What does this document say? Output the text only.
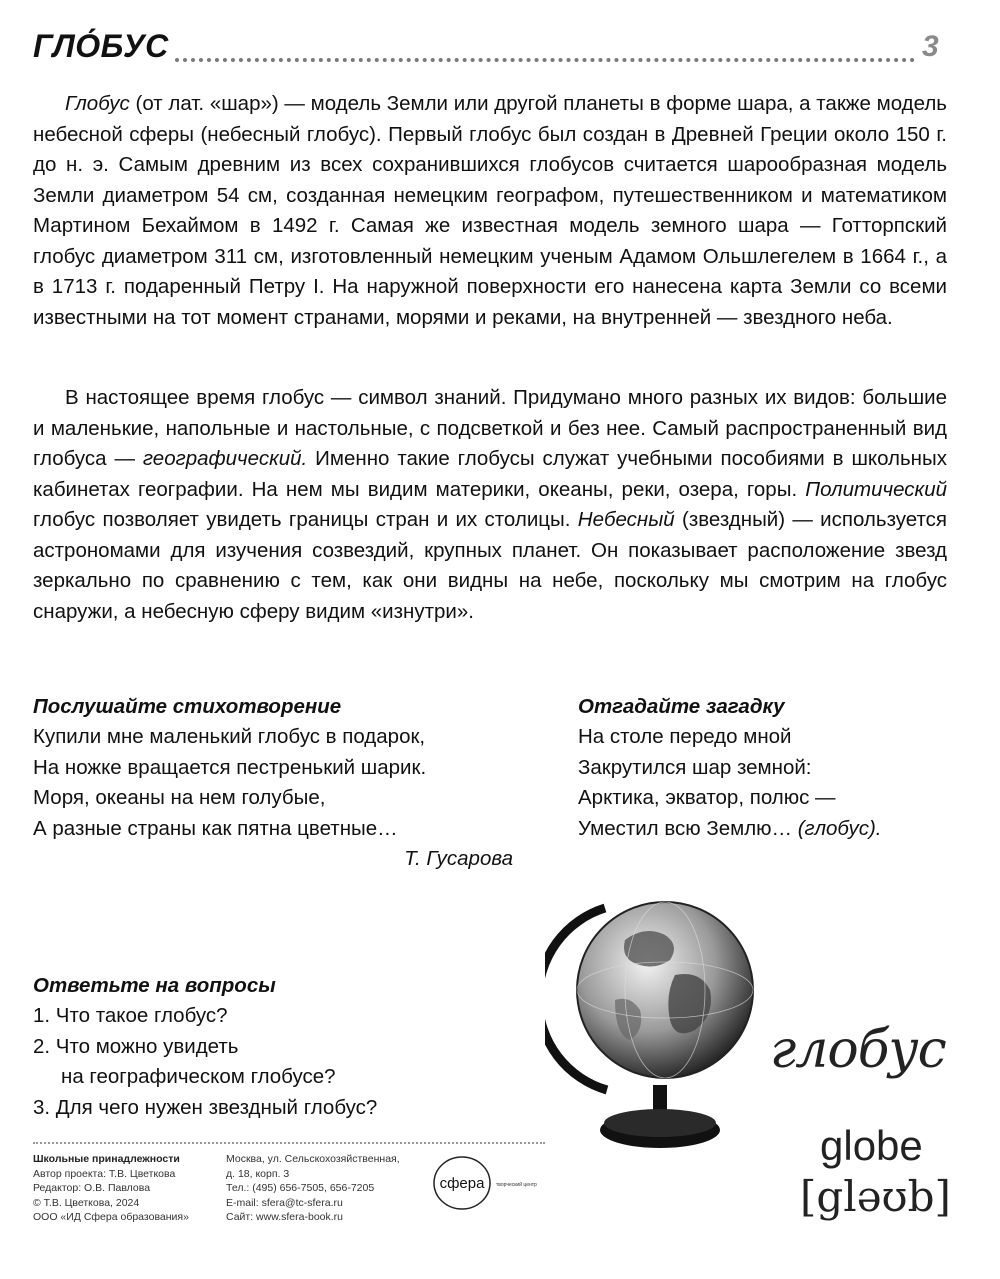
ГЛО́БУС	3

Глобус (от лат. «шар») — модель Земли или другой планеты в форме шара, а также модель небесной сферы (небесный глобус). Первый глобус был создан в Древней Греции около 150 г. до н. э. Самым древним из всех сохранившихся глобусов считается шарообразная модель Земли диаметром 54 см, созданная немецким географом, путешественником и математиком Мартином Бехаймом в 1492 г. Самая же известная модель земного шара — Готторпский глобус диаметром 311 см, изготовленный немецким ученым Адамом Ольшлегелем в 1664 г., а в 1713 г. подаренный Петру I. На наружной поверхности его нанесена карта Земли со всеми известными на тот момент странами, морями и реками, на внутренней — звездного неба.

В настоящее время глобус — символ знаний. Придумано много разных их видов: большие и маленькие, напольные и настольные, с подсветкой и без нее. Самый распространенный вид глобуса — географический. Именно такие глобусы служат учебными пособиями в школьных кабинетах географии. На нем мы видим материки, океаны, реки, озера, горы. Политический глобус позволяет увидеть границы стран и их столицы. Небесный (звездный) — используется астрономами для изучения созвездий, крупных планет. Он показывает расположение звезд зеркально по сравнению с тем, как они видны на небе, поскольку мы смотрим на глобус снаружи, а небесную сферу видим «изнутри».

Послушайте стихотворение
Купили мне маленький глобус в подарок,
На ножке вращается пестренький шарик.
Моря, океаны на нем голубые,
А разные страны как пятна цветные…
Т. Гусарова
Отгадайте загадку
На столе передо мной
Закрутился шар земной:
Арктика, экватор, полюс —
Уместил всю Землю… (глобус).
Ответьте на вопросы
1. Что такое глобус?
2. Что можно увидеть
на географическом глобусе?
3. Для чего нужен звездный глобус?
глобус
globe
[gləʊb]
Школьные принадлежности
Автор проекта: Т.В. Цветкова
Редактор: О.В. Павлова
© Т.В. Цветкова, 2024
ООО «ИД Сфера образования»
Москва, ул. Сельскохозяйственная,
д. 18, корп. 3
Тел.: (495) 656-7505, 656-7205
E-mail: sfera@tc-sfera.ru
Сайт: www.sfera-book.ru
сфера творческий центр
